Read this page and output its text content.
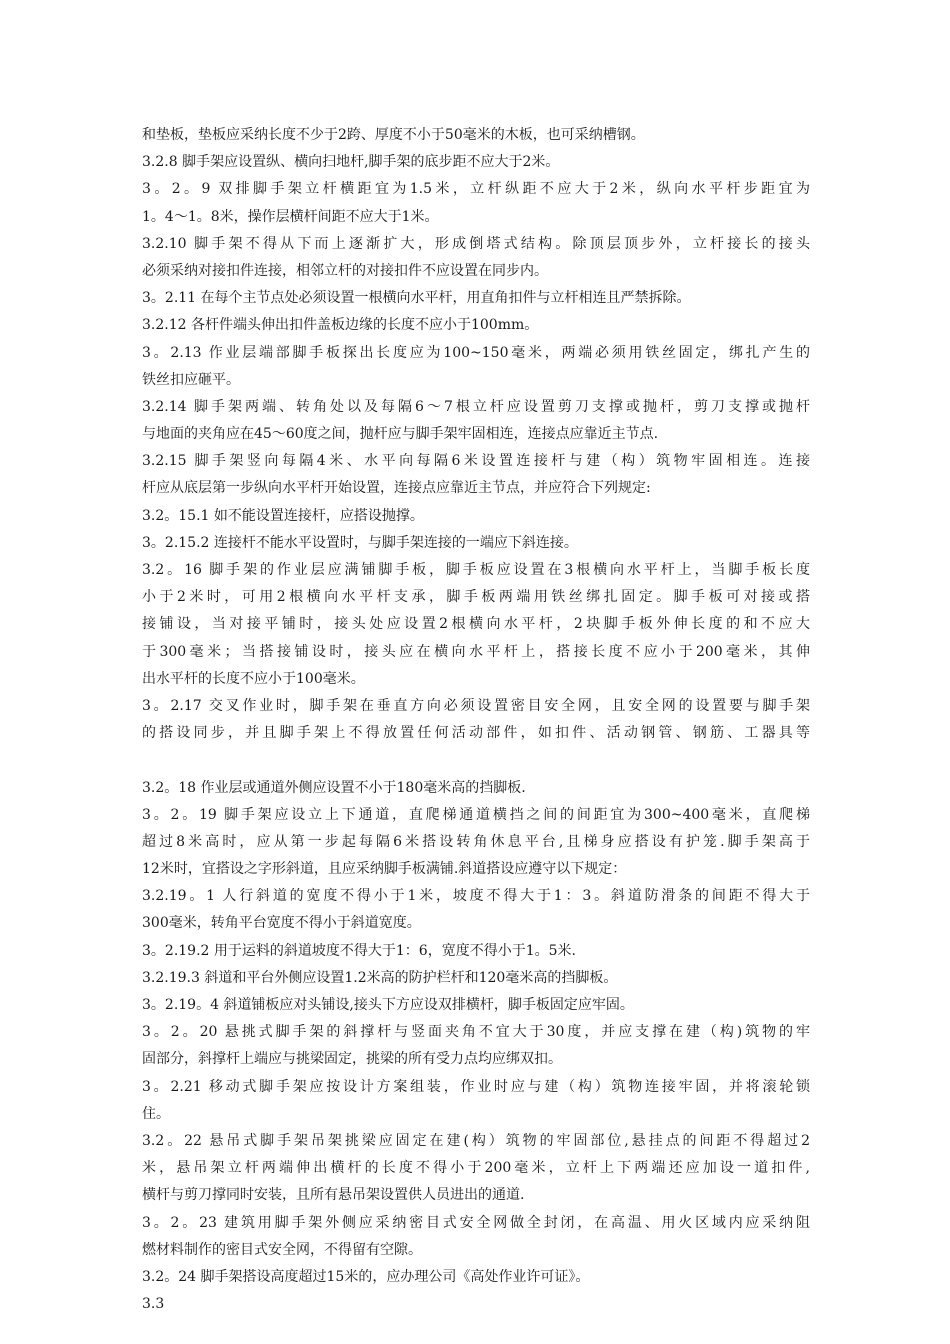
和垫板，垫板应采纳长度不少于2跨、厚度不小于50毫米的木板，也可采纳槽钢。
3.2.8 脚手架应设置纵、横向扫地杆,脚手架的底步距不应大于2米。
3。2。9 双排脚手架立杆横距宜为1.5米，立杆纵距不应大于2米，纵向水平杆步距宜为
1。4～1。8米，操作层横杆间距不应大于1米。
3.2.10 脚手架不得从下而上逐渐扩大，形成倒塔式结构。除顶层顶步外，立杆接长的接头
必须采纳对接扣件连接，相邻立杆的对接扣件不应设置在同步内。
3。2.11 在每个主节点处必须设置一根横向水平杆，用直角扣件与立杆相连且严禁拆除。
3.2.12 各杆件端头伸出扣件盖板边缘的长度不应小于100mm。
3。2.13 作业层端部脚手板探出长度应为100~150毫米，两端必须用铁丝固定，绑扎产生的
铁丝扣应砸平。
3.2.14 脚手架两端、转角处以及每隔6～7根立杆应设置剪刀支撑或抛杆，剪刀支撑或抛杆
与地面的夹角应在45～60度之间，抛杆应与脚手架牢固相连，连接点应靠近主节点.
3.2.15 脚手架竖向每隔4米、水平向每隔6米设置连接杆与建（构）筑物牢固相连。连接
杆应从底层第一步纵向水平杆开始设置，连接点应靠近主节点，并应符合下列规定:
3.2。15.1 如不能设置连接杆，应搭设抛撑。
3。2.15.2 连接杆不能水平设置时，与脚手架连接的一端应下斜连接。
3.2。16 脚手架的作业层应满铺脚手板，脚手板应设置在3根横向水平杆上，当脚手板长度
小于2米时，可用2根横向水平杆支承，脚手板两端用铁丝绑扎固定。脚手板可对接或搭
接铺设，当对接平铺时，接头处应设置2根横向水平杆，2块脚手板外伸长度的和不应大
于300毫米；当搭接铺设时，接头应在横向水平杆上，搭接长度不应小于200毫米，其伸
出水平杆的长度不应小于100毫米。
3。2.17 交叉作业时，脚手架在垂直方向必须设置密目安全网，且安全网的设置要与脚手架
的搭设同步，并且脚手架上不得放置任何活动部件，如扣件、活动钢管、钢筋、工器具等
3.2。18 作业层或通道外侧应设置不小于180毫米高的挡脚板.
3。2。19 脚手架应设立上下通道，直爬梯通道横挡之间的间距宜为300~400毫米，直爬梯
超过8米高时，应从第一步起每隔6米搭设转角休息平台,且梯身应搭设有护笼.脚手架高于
12米时，宜搭设之字形斜道，且应采纳脚手板满铺.斜道搭设应遵守以下规定：
3.2.19。1 人行斜道的宽度不得小于1米，坡度不得大于1：3。斜道防滑条的间距不得大于
300毫米，转角平台宽度不得小于斜道宽度。
3。2.19.2 用于运料的斜道坡度不得大于1：6，宽度不得小于1。5米.
3.2.19.3 斜道和平台外侧应设置1.2米高的防护栏杆和120毫米高的挡脚板。
3。2.19。4 斜道铺板应对头铺设,接头下方应设双排横杆，脚手板固定应牢固。
3。2。20 悬挑式脚手架的斜撑杆与竖面夹角不宜大于30度，并应支撑在建（构)筑物的牢
固部分，斜撑杆上端应与挑梁固定，挑梁的所有受力点均应绑双扣。
3。2.21 移动式脚手架应按设计方案组装，作业时应与建（构）筑物连接牢固，并将滚轮锁
住。
3.2。22 悬吊式脚手架吊架挑梁应固定在建(构）筑物的牢固部位,悬挂点的间距不得超过2
米，悬吊架立杆两端伸出横杆的长度不得小于200毫米，立杆上下两端还应加设一道扣件,
横杆与剪刀撑同时安装，且所有悬吊架设置供人员进出的通道.
3。2。23 建筑用脚手架外侧应采纳密目式安全网做全封闭，在高温、用火区域内应采纳阻
燃材料制作的密目式安全网，不得留有空隙。
3.2。24 脚手架搭设高度超过15米的，应办理公司《高处作业许可证》。
3.3
